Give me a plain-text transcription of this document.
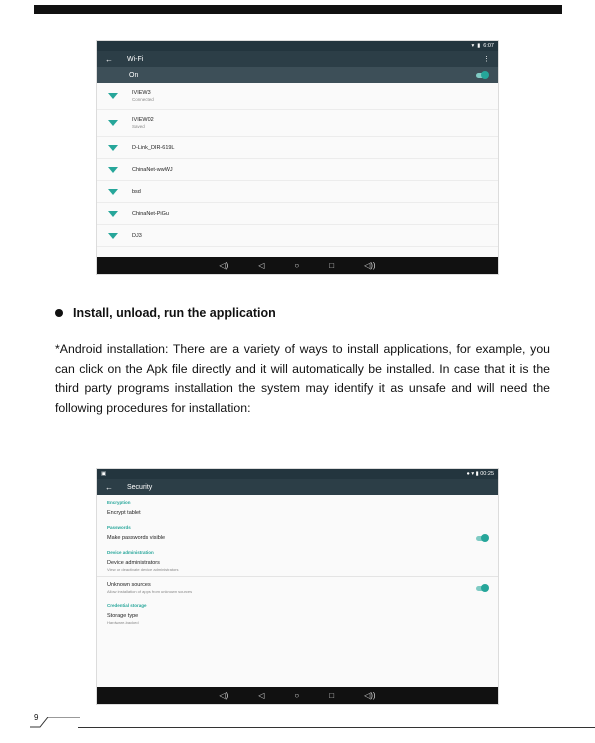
▾ ▮ 6:07
← Wi-Fi	⋮
On
IVIEW3
Connected
IVIEW02
Saved
D-Link_DIR-619L
ChinaNet-wwWJ
bsd
ChinaNet-PiGu
DJ3
◁)	◁	○	□	◁))
Install, unload, run the application
*Android installation: There are a variety of ways to install applications, for example, you can click on the Apk file directly and it will automatically be installed. In case that it is the third party programs installation the system may identify it as unsafe and will need the following procedures for installation:
▣	● ▾ ▮ 00:25
← Security
Encryption
Encrypt tablet
Passwords
Make passwords visible
Device administration
Device administrators
View or deactivate device administrators
Unknown sources
Allow installation of apps from unknown sources
Credential storage
Storage type
Hardware-backed
◁)	◁	○	□	◁))
9
